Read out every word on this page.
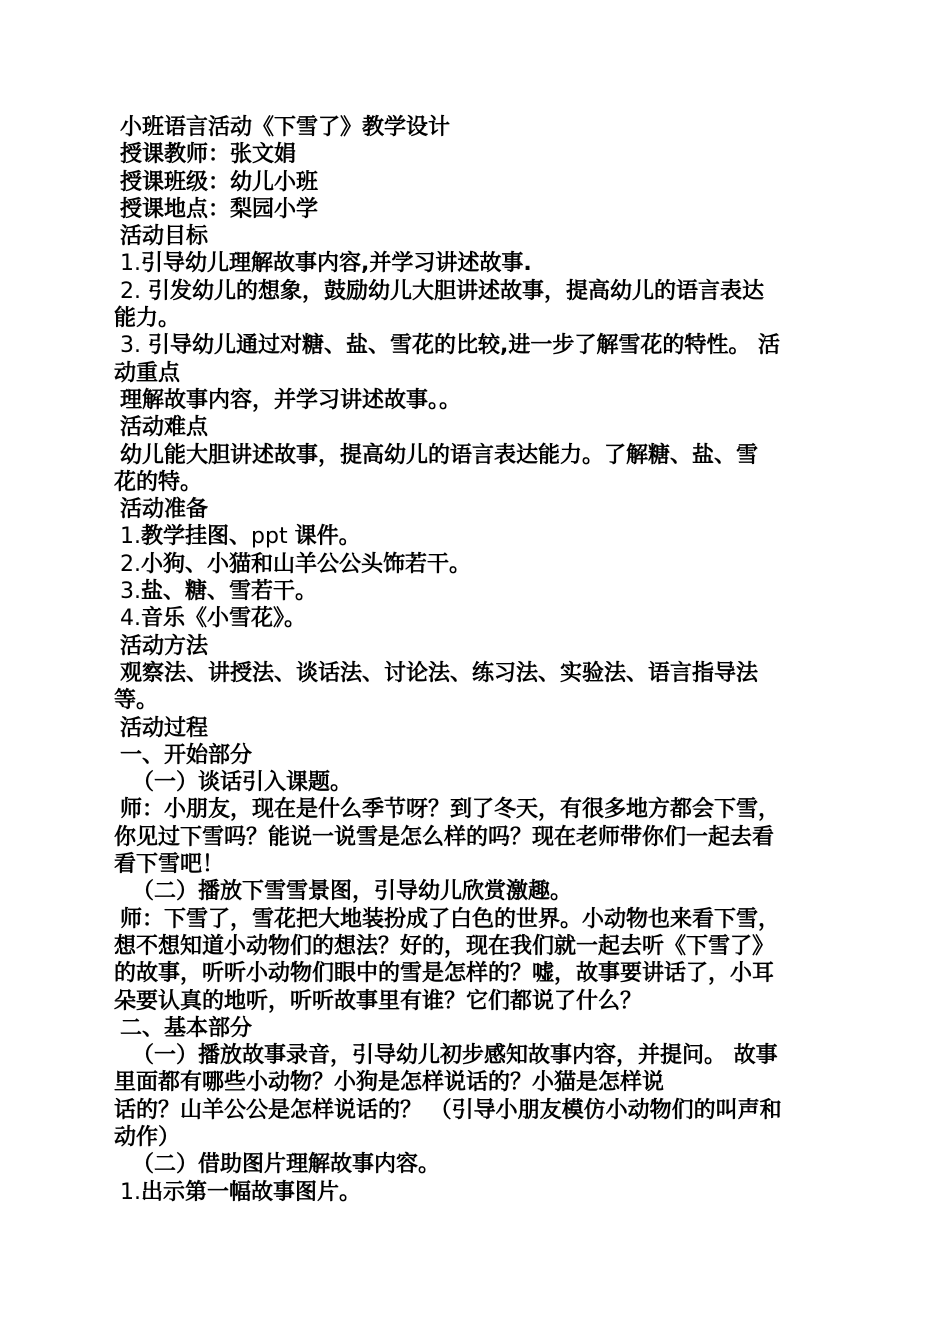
小班语言活动《下雪了》教学设计
授课教师：张文娟
授课班级：幼儿小班
授课地点：梨园小学
活动目标
1.引导幼儿理解故事内容,并学习讲述故事.
2. 引发幼儿的想象，鼓励幼儿大胆讲述故事，提高幼儿的语言表达
能力。
3. 引导幼儿通过对糖、盐、雪花的比较,进一步了解雪花的特性。 活
动重点
理解故事内容，并学习讲述故事。。
活动难点
幼儿能大胆讲述故事，提高幼儿的语言表达能力。了解糖、盐、雪
花的特。
活动准备
1.教学挂图、ppt 课件。
2.小狗、小猫和山羊公公头饰若干。
3.盐、糖、雪若干。
4.音乐《小雪花》。
活动方法
观察法、讲授法、谈话法、讨论法、练习法、实验法、语言指导法
等。
活动过程
一、开始部分
（一）谈话引入课题。
师：小朋友，现在是什么季节呀？到了冬天，有很多地方都会下雪，
你见过下雪吗？能说一说雪是怎么样的吗？现在老师带你们一起去看
看下雪吧！
（二）播放下雪雪景图，引导幼儿欣赏激趣。
师：下雪了，雪花把大地装扮成了白色的世界。小动物也来看下雪，
想不想知道小动物们的想法？好的，现在我们就一起去听《下雪了》
的故事，听听小动物们眼中的雪是怎样的？嘘，故事要讲话了，小耳
朵要认真的地听，听听故事里有谁？它们都说了什么？
二、基本部分
（一）播放故事录音，引导幼儿初步感知故事内容，并提问。 故事
里面都有哪些小动物？小狗是怎样说话的？小猫是怎样说
话的？山羊公公是怎样说话的？ （引导小朋友模仿小动物们的叫声和
动作）
（二）借助图片理解故事内容。
1.出示第一幅故事图片。
